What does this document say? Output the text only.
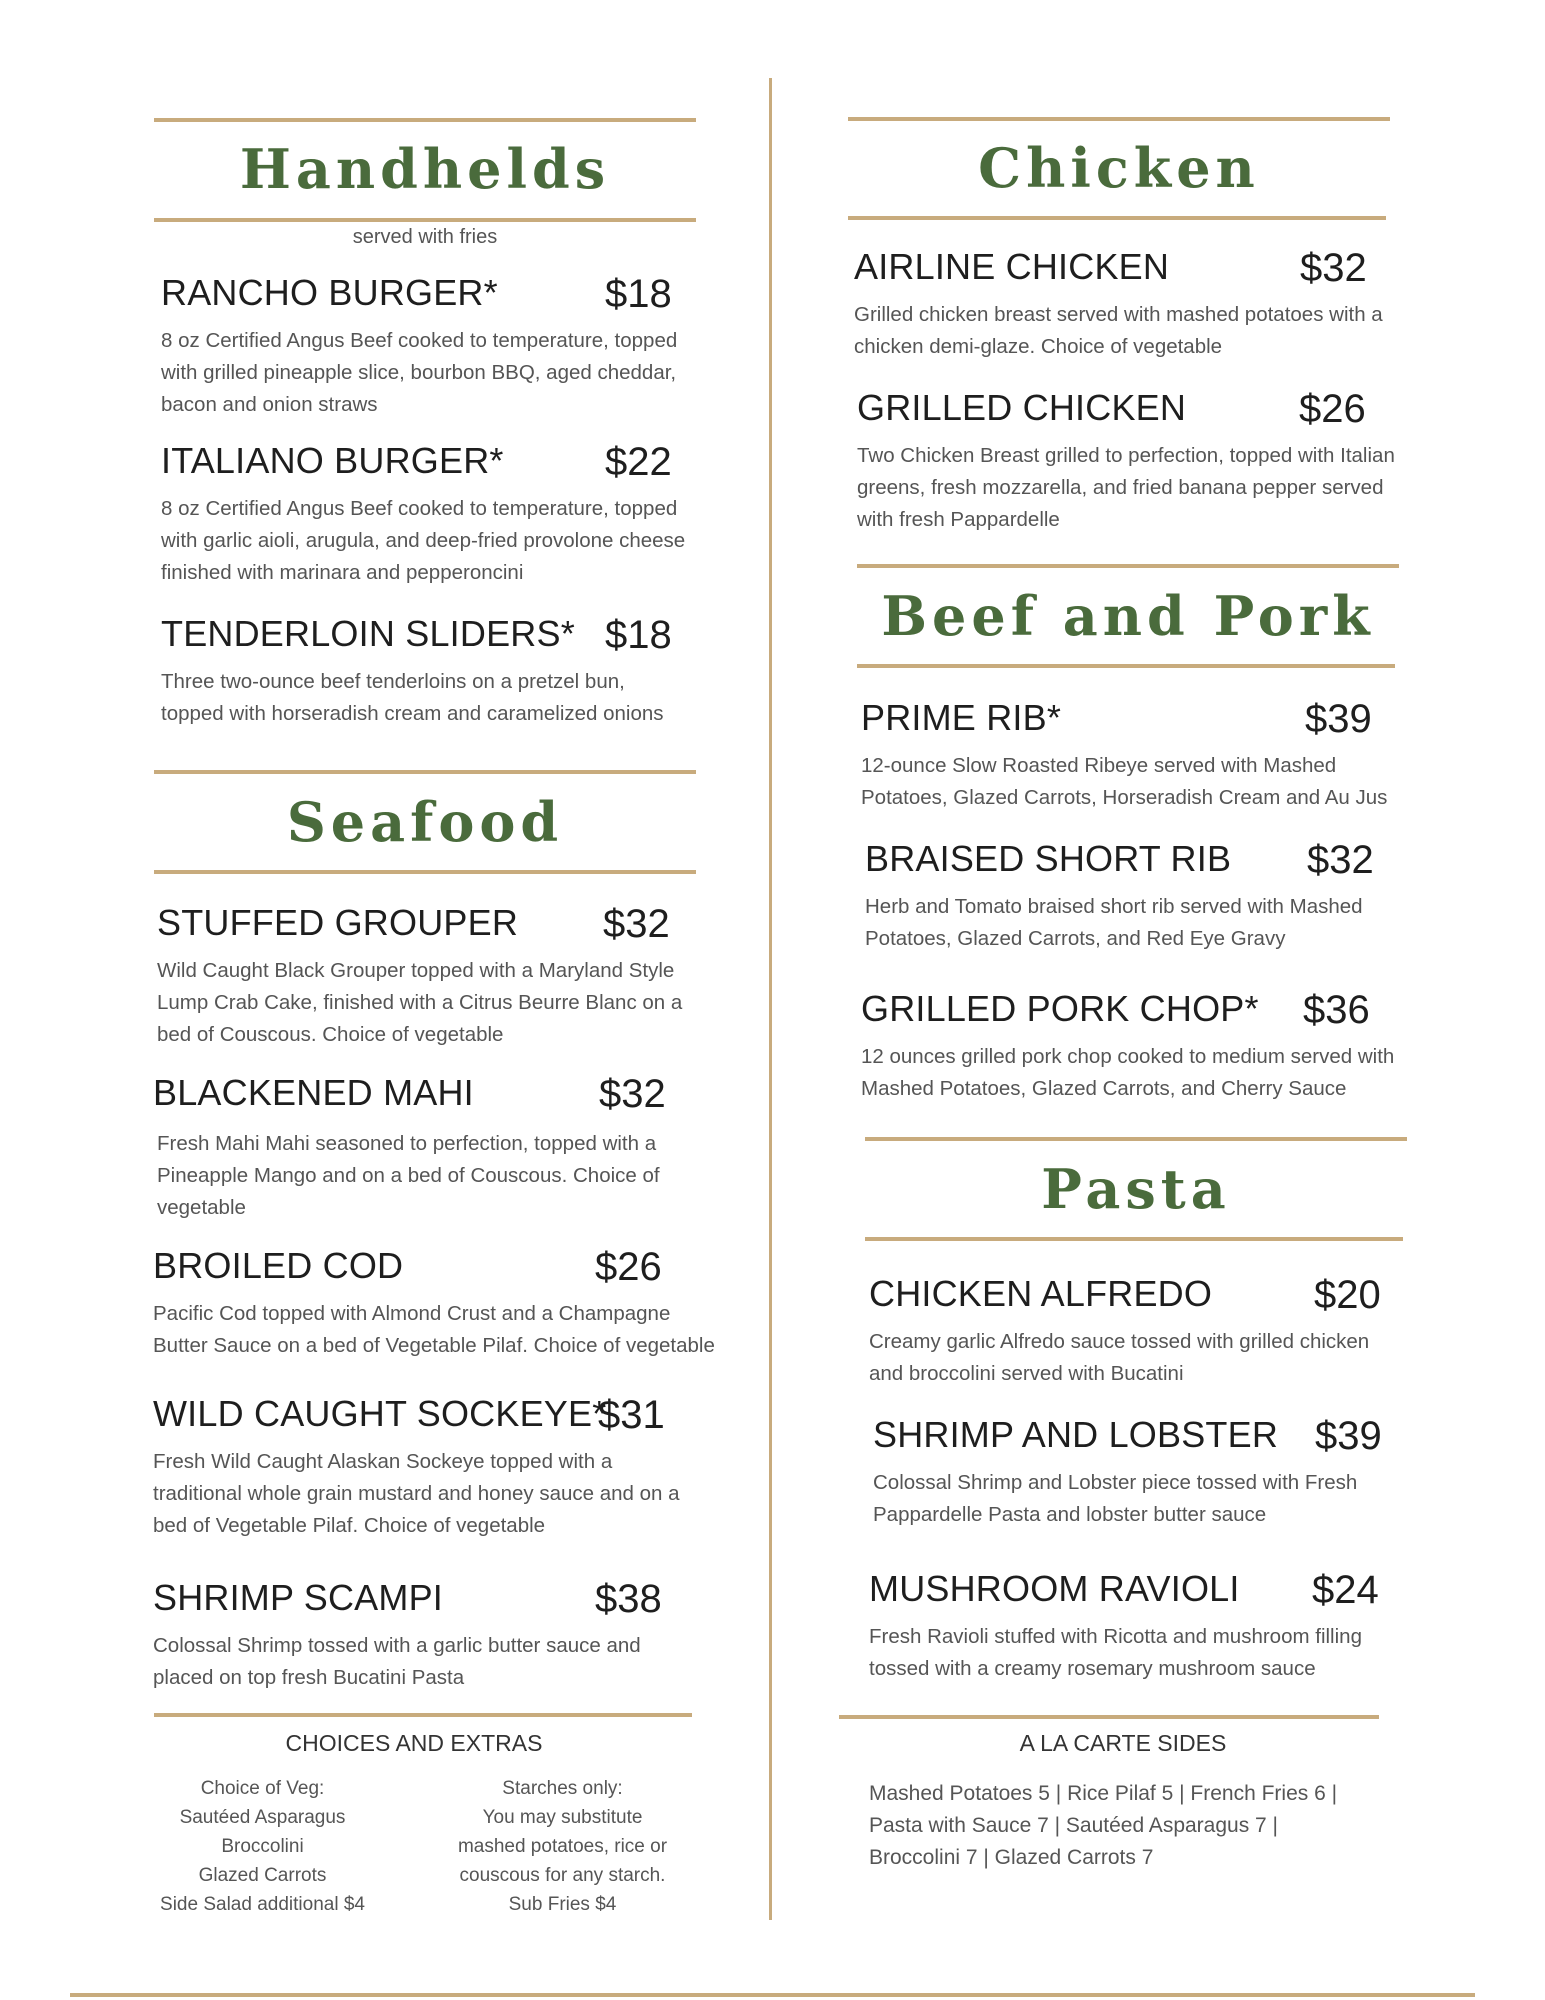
Handhelds
served with fries
RANCHO BURGER*	$18
8 oz Certified Angus Beef cooked to temperature, topped
with grilled pineapple slice, bourbon BBQ, aged cheddar,
bacon and onion straws
ITALIANO BURGER*	$22
8 oz Certified Angus Beef cooked to temperature, topped
with garlic aioli, arugula, and deep-fried provolone cheese
finished with marinara and pepperoncini
TENDERLOIN SLIDERS* $18
Three two-ounce beef tenderloins on a pretzel bun,
topped with horseradish cream and caramelized onions
Seafood
STUFFED GROUPER $32
Wild Caught Black Grouper topped with a Maryland Style
Lump Crab Cake, finished with a Citrus Beurre Blanc on a
bed of Couscous. Choice of vegetable
BLACKENED MAHI	$32
Fresh Mahi Mahi seasoned to perfection, topped with a
Pineapple Mango and on a bed of Couscous. Choice of
vegetable
BROILED COD	$26
Pacific Cod topped with Almond Crust and a Champagne
Butter Sauce on a bed of Vegetable Pilaf. Choice of vegetable
WILD CAUGHT SOCKEYE*
$31
Fresh Wild Caught Alaskan Sockeye topped with a
traditional whole grain mustard and honey sauce and on a
bed of Vegetable Pilaf. Choice of vegetable
SHRIMP SCAMPI	$38
Colossal Shrimp tossed with a garlic butter sauce and
placed on top fresh Bucatini Pasta
CHOICES AND EXTRAS
Choice of Veg:
Sautéed Asparagus
Broccolini
Glazed Carrots
Side Salad additional $4
Starches only:
You may substitute
mashed potatoes, rice or
couscous for any starch.
Sub Fries $4
Chicken
AIRLINE CHICKEN	$32
Grilled chicken breast served with mashed potatoes with a
chicken demi-glaze. Choice of vegetable
GRILLED CHICKEN	$26
Two Chicken Breast grilled to perfection, topped with Italian
greens, fresh mozzarella, and fried banana pepper served
with fresh Pappardelle
Beef and Pork
PRIME RIB*	$39
12-ounce Slow Roasted Ribeye served with Mashed
Potatoes, Glazed Carrots, Horseradish Cream and Au Jus
BRAISED SHORT RIB $32
Herb and Tomato braised short rib served with Mashed
Potatoes, Glazed Carrots, and Red Eye Gravy
GRILLED PORK CHOP* $36
12 ounces grilled pork chop cooked to medium served with
Mashed Potatoes, Glazed Carrots, and Cherry Sauce
Pasta
CHICKEN ALFREDO	$20
Creamy garlic Alfredo sauce tossed with grilled chicken
and broccolini served with Bucatini
SHRIMP AND LOBSTER $39
Colossal Shrimp and Lobster piece tossed with Fresh
Pappardelle Pasta and lobster butter sauce
MUSHROOM RAVIOLI $24
Fresh Ravioli stuffed with Ricotta and mushroom filling
tossed with a creamy rosemary mushroom sauce
A LA CARTE SIDES
Mashed Potatoes 5 | Rice Pilaf 5 | French Fries 6 |
Pasta with Sauce 7 | Sautéed Asparagus 7 |
Broccolini 7 | Glazed Carrots 7
